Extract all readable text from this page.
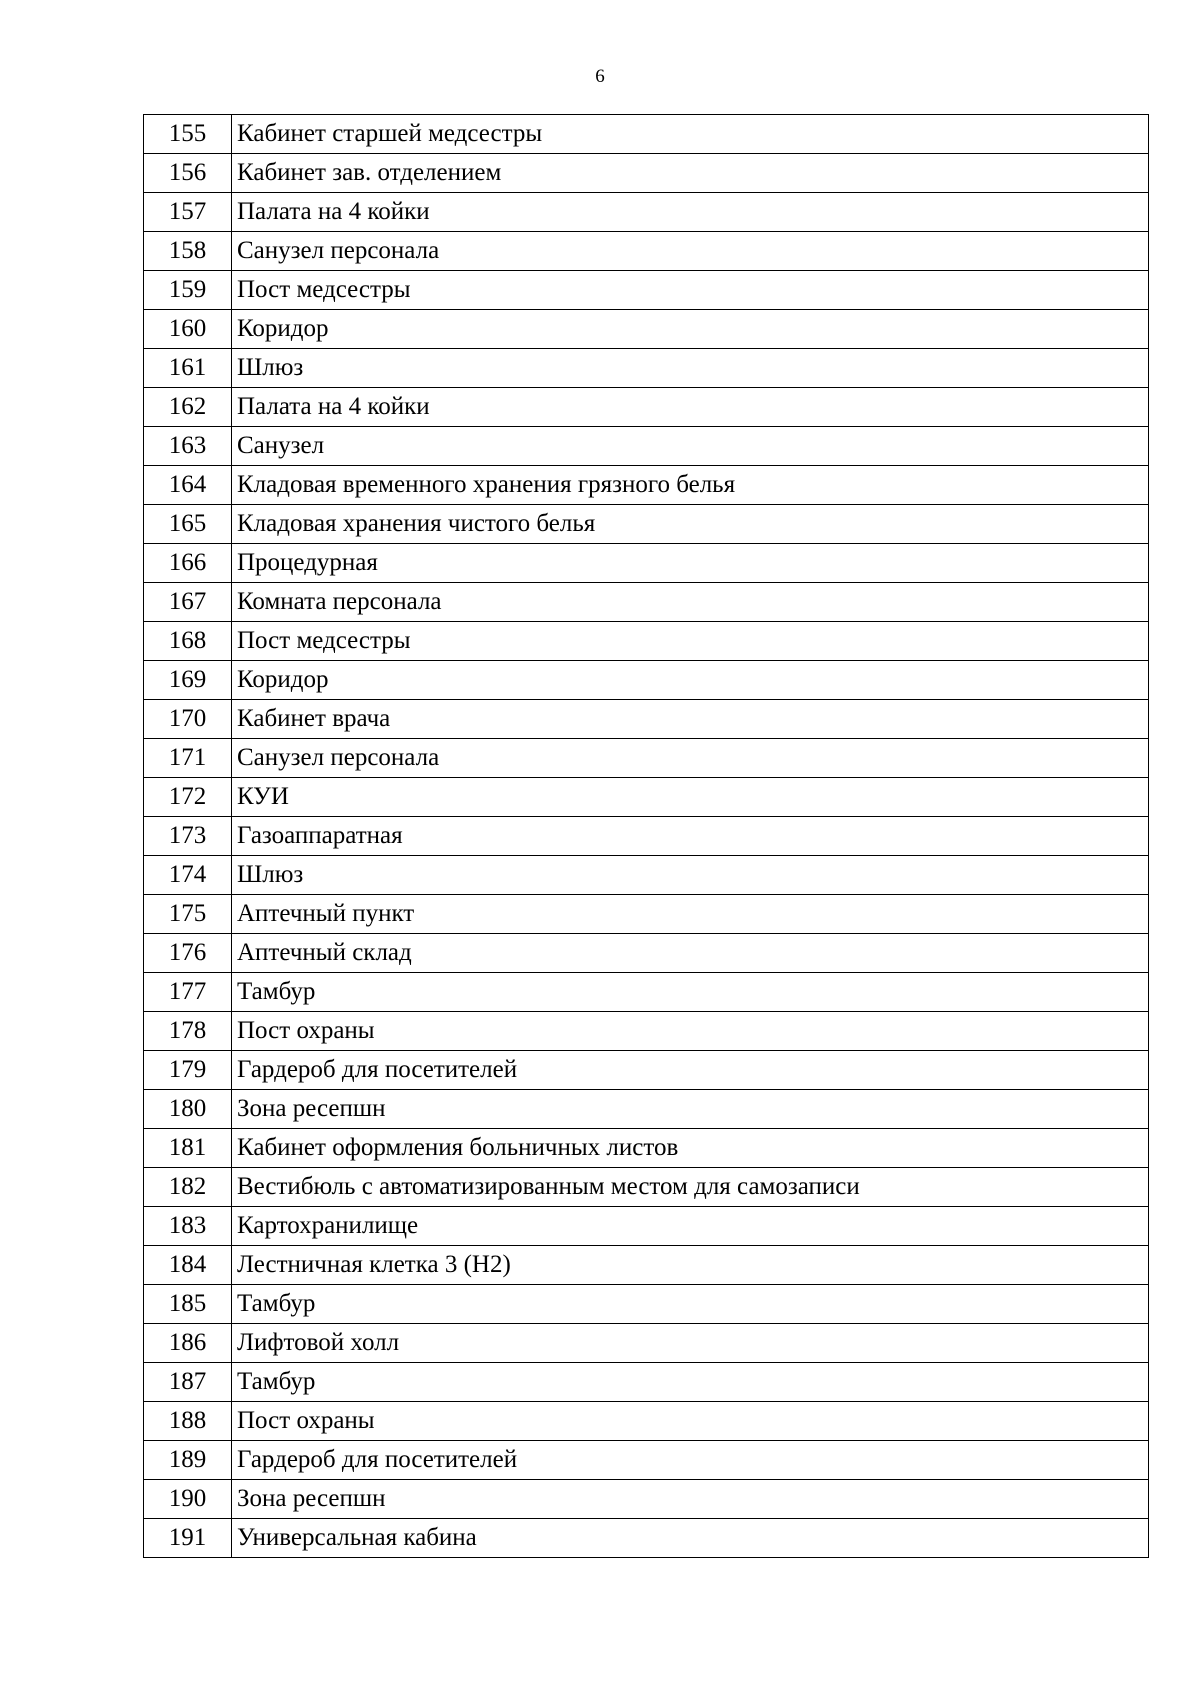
6
155	Кабинет старшей медсестры
156	Кабинет зав. отделением
157	Палата на 4 койки
158	Санузел персонала
159	Пост медсестры
160	Коридор
161	Шлюз
162	Палата на 4 койки
163	Санузел
164	Кладовая временного хранения грязного белья
165	Кладовая хранения чистого белья
166	Процедурная
167	Комната персонала
168	Пост медсестры
169	Коридор
170	Кабинет врача
171	Санузел персонала
172	КУИ
173	Газоаппаратная
174	Шлюз
175	Аптечный пункт
176	Аптечный склад
177	Тамбур
178	Пост охраны
179	Гардероб для посетителей
180	Зона ресепшн
181	Кабинет оформления больничных листов
182	Вестибюль с автоматизированным местом для самозаписи
183	Картохранилище
184	Лестничная клетка 3 (Н2)
185	Тамбур
186	Лифтовой холл
187	Тамбур
188	Пост охраны
189	Гардероб для посетителей
190	Зона ресепшн
191	Универсальная кабина
